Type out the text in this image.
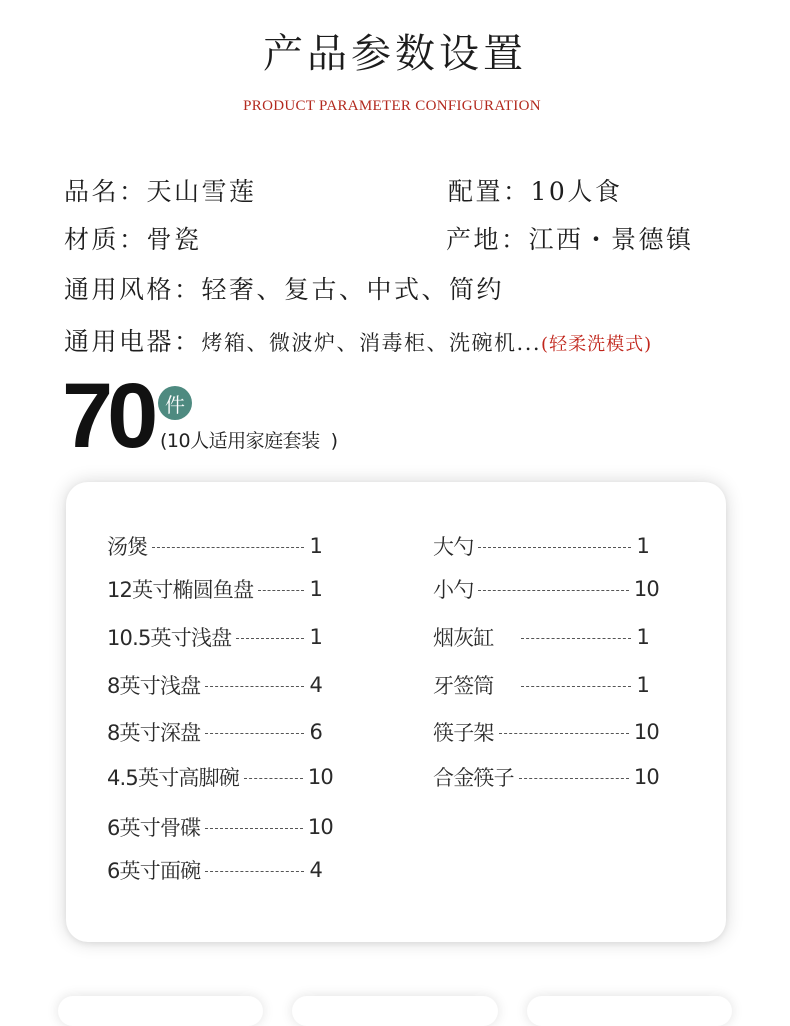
产品参数设置
PRODUCT PARAMETER CONFIGURATION
品名：天山雪莲	配置：10人食
材质：骨瓷	产地：江西・景德镇
通用风格：轻奢、复古、中式、简约
通用电器：烤箱、微波炉、消毒柜、洗碗机...(轻柔洗模式)
70 件
(10人适用家庭套装  )
汤煲	1
12英寸椭圆鱼盘	1
10.5英寸浅盘	1
8英寸浅盘	4
8英寸深盘	6
4.5英寸高脚碗	10
6英寸骨碟	10
6英寸面碗	4
大勺	1
小勺	10
烟灰缸	1
牙签筒	1
筷子架	10
合金筷子	10
